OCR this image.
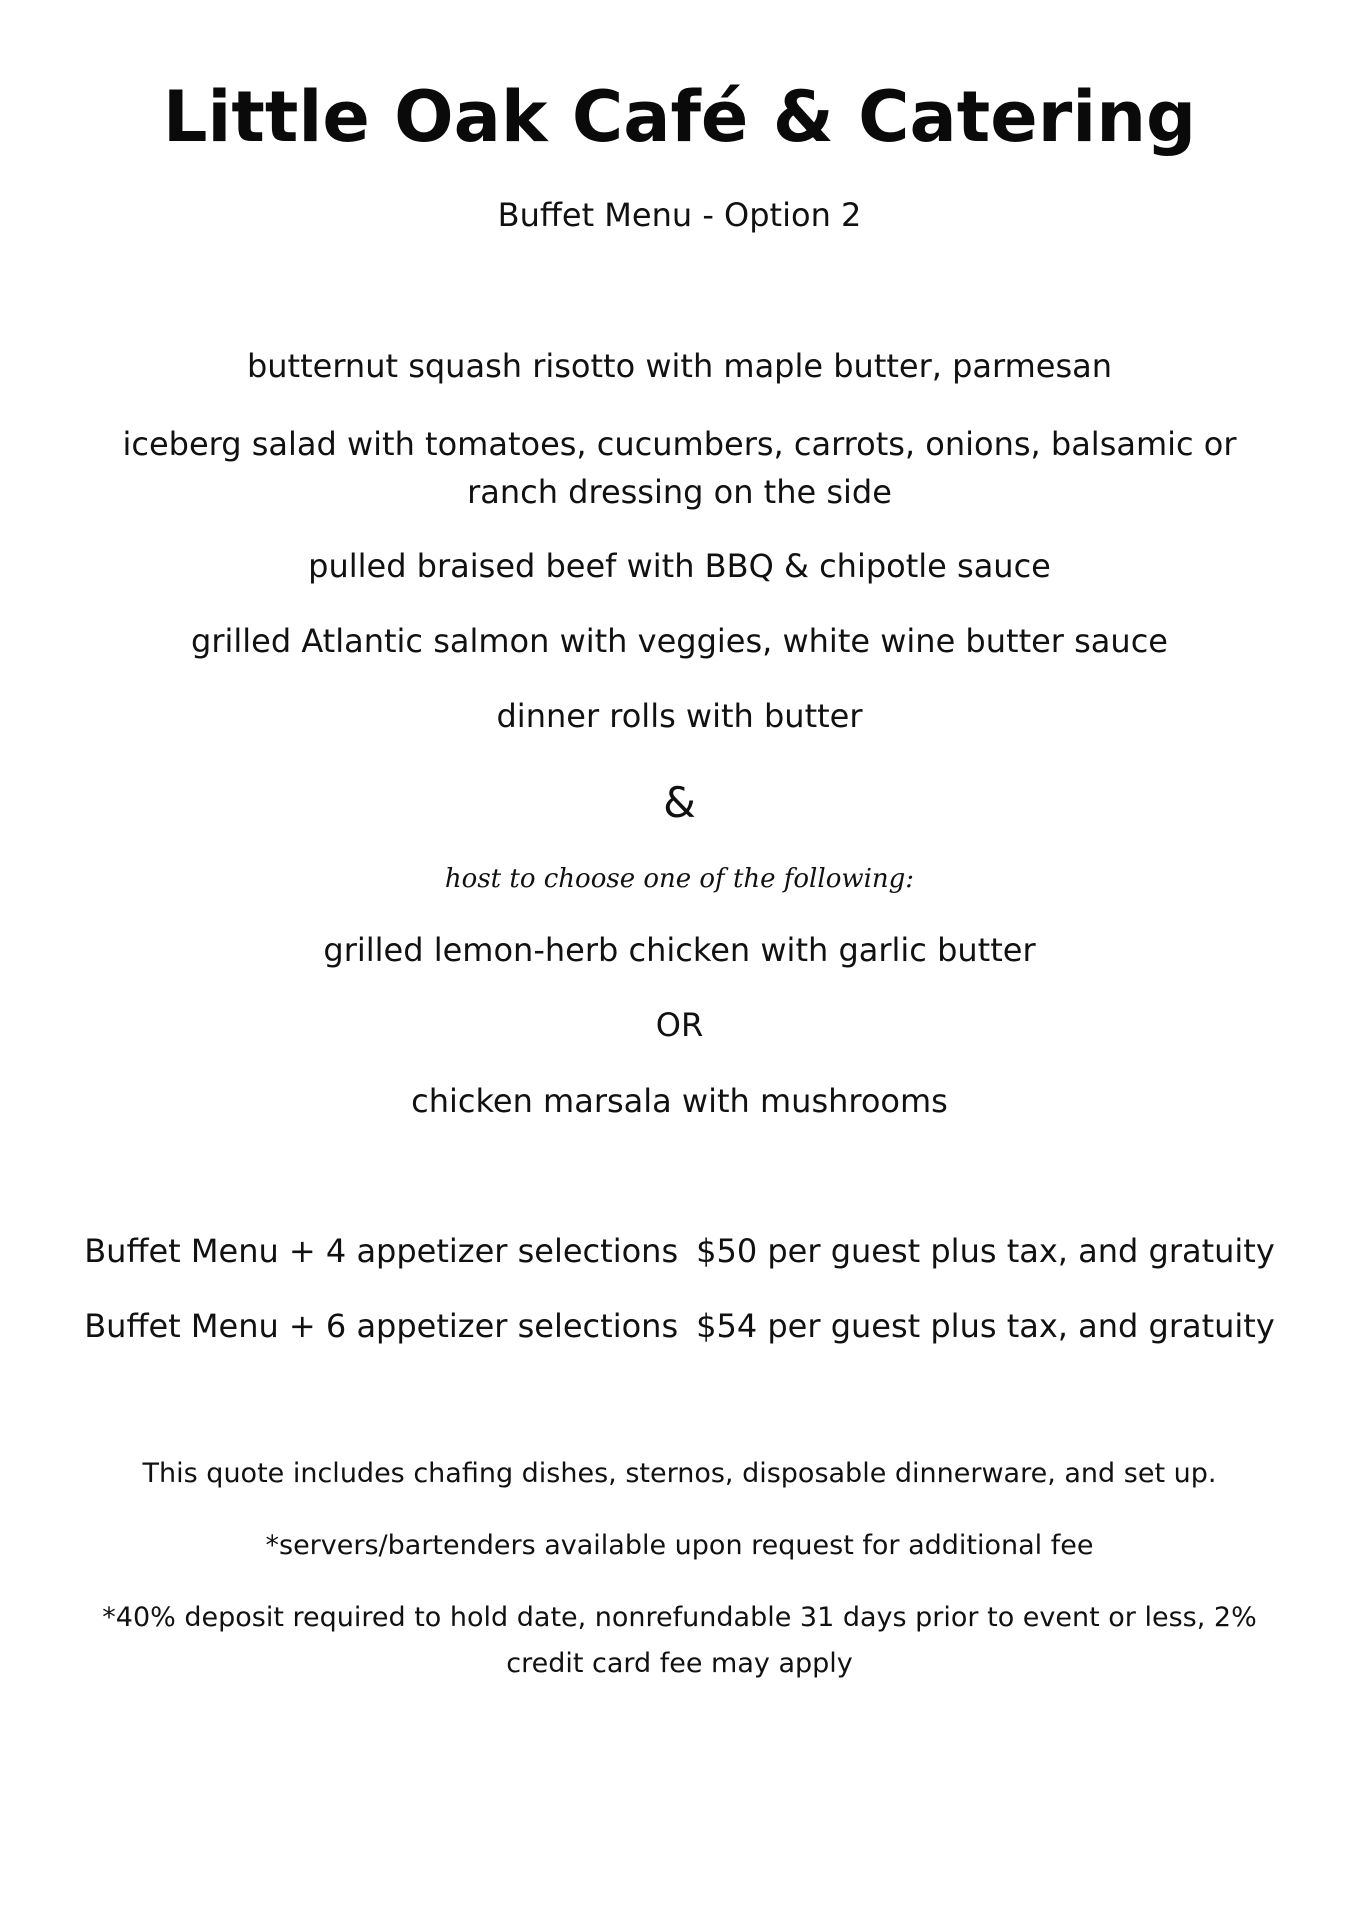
Little Oak Café & Catering
Buffet Menu - Option 2
butternut squash risotto with maple butter, parmesan
iceberg salad with tomatoes, cucumbers, carrots, onions, balsamic or ranch dressing on the side
pulled braised beef with BBQ & chipotle sauce
grilled Atlantic salmon with veggies, white wine butter sauce
dinner rolls with butter
&
host to choose one of the following:
grilled lemon-herb chicken with garlic butter
OR
chicken marsala with mushrooms
Buffet Menu + 4 appetizer selections $50 per guest plus tax, and gratuity
Buffet Menu + 6 appetizer selections $54 per guest plus tax, and gratuity
This quote includes chafing dishes, sternos, disposable dinnerware, and set up.
*servers/bartenders available upon request for additional fee
*40% deposit required to hold date, nonrefundable 31 days prior to event or less, 2% credit card fee may apply
